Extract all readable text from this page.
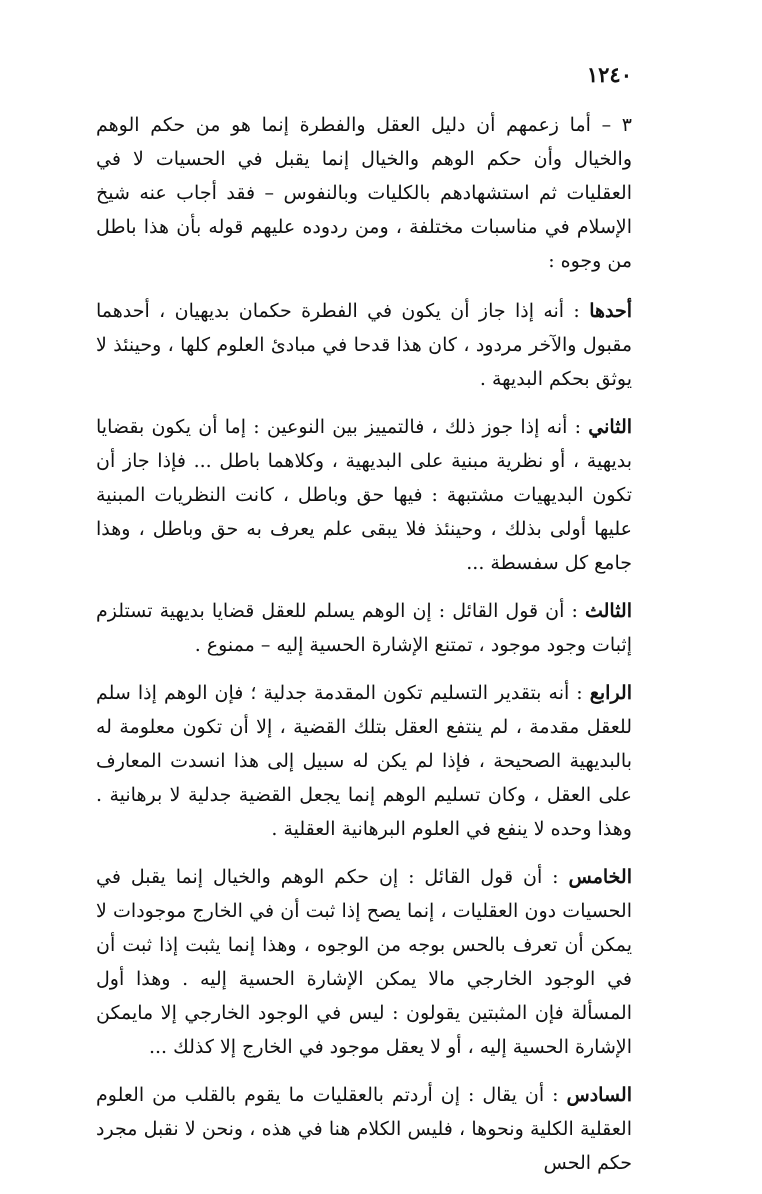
١٢٤٠

٣ – أما زعمهم أن دليل العقل والفطرة إنما هو من حكم الوهم والخيال وأن حكم الوهم والخيال إنما يقبل في الحسيات لا في العقليات ثم استشهادهم بالكليات وبالنفوس – فقد أجاب عنه شيخ الإسلام في مناسبات مختلفة ، ومن ردوده عليهم قوله بأن هذا باطل من وجوه :

أحدها : أنه إذا جاز أن يكون في الفطرة حكمان بديهيان ، أحدهما مقبول والآخر مردود ، كان هذا قدحا في مبادئ العلوم كلها ، وحينئذ لا يوثق بحكم البديهة .

الثاني : أنه إذا جوز ذلك ، فالتمييز بين النوعين : إما أن يكون بقضايا بديهية ، أو نظرية مبنية على البديهية ، وكلاهما باطل ... فإذا جاز أن تكون البديهيات مشتبهة : فيها حق وباطل ، كانت النظريات المبنية عليها أولى بذلك ، وحينئذ فلا يبقى علم يعرف به حق وباطل ، وهذا جامع كل سفسطة ...

الثالث : أن قول القائل : إن الوهم يسلم للعقل قضايا بديهية تستلزم إثبات وجود موجود ، تمتنع الإشارة الحسية إليه – ممنوع .

الرابع : أنه بتقدير التسليم تكون المقدمة جدلية ؛ فإن الوهم إذا سلم للعقل مقدمة ، لم ينتفع العقل بتلك القضية ، إلا أن تكون معلومة له بالبديهية الصحيحة ، فإذا لم يكن له سبيل إلى هذا انسدت المعارف على العقل ، وكان تسليم الوهم إنما يجعل القضية جدلية لا برهانية . وهذا وحده لا ينفع في العلوم البرهانية العقلية .

الخامس : أن قول القائل : إن حكم الوهم والخيال إنما يقبل في الحسيات دون العقليات ، إنما يصح إذا ثبت أن في الخارج موجودات لا يمكن أن تعرف بالحس بوجه من الوجوه ، وهذا إنما يثبت إذا ثبت أن في الوجود الخارجي مالا يمكن الإشارة الحسية إليه . وهذا أول المسألة فإن المثبتين يقولون : ليس في الوجود الخارجي إلا مايمكن الإشارة الحسية إليه ، أو لا يعقل موجود في الخارج إلا كذلك ...

السادس : أن يقال : إن أردتم بالعقليات ما يقوم بالقلب من العلوم العقلية الكلية ونحوها ، فليس الكلام هنا في هذه ، ونحن لا نقبل مجرد حكم الحس
